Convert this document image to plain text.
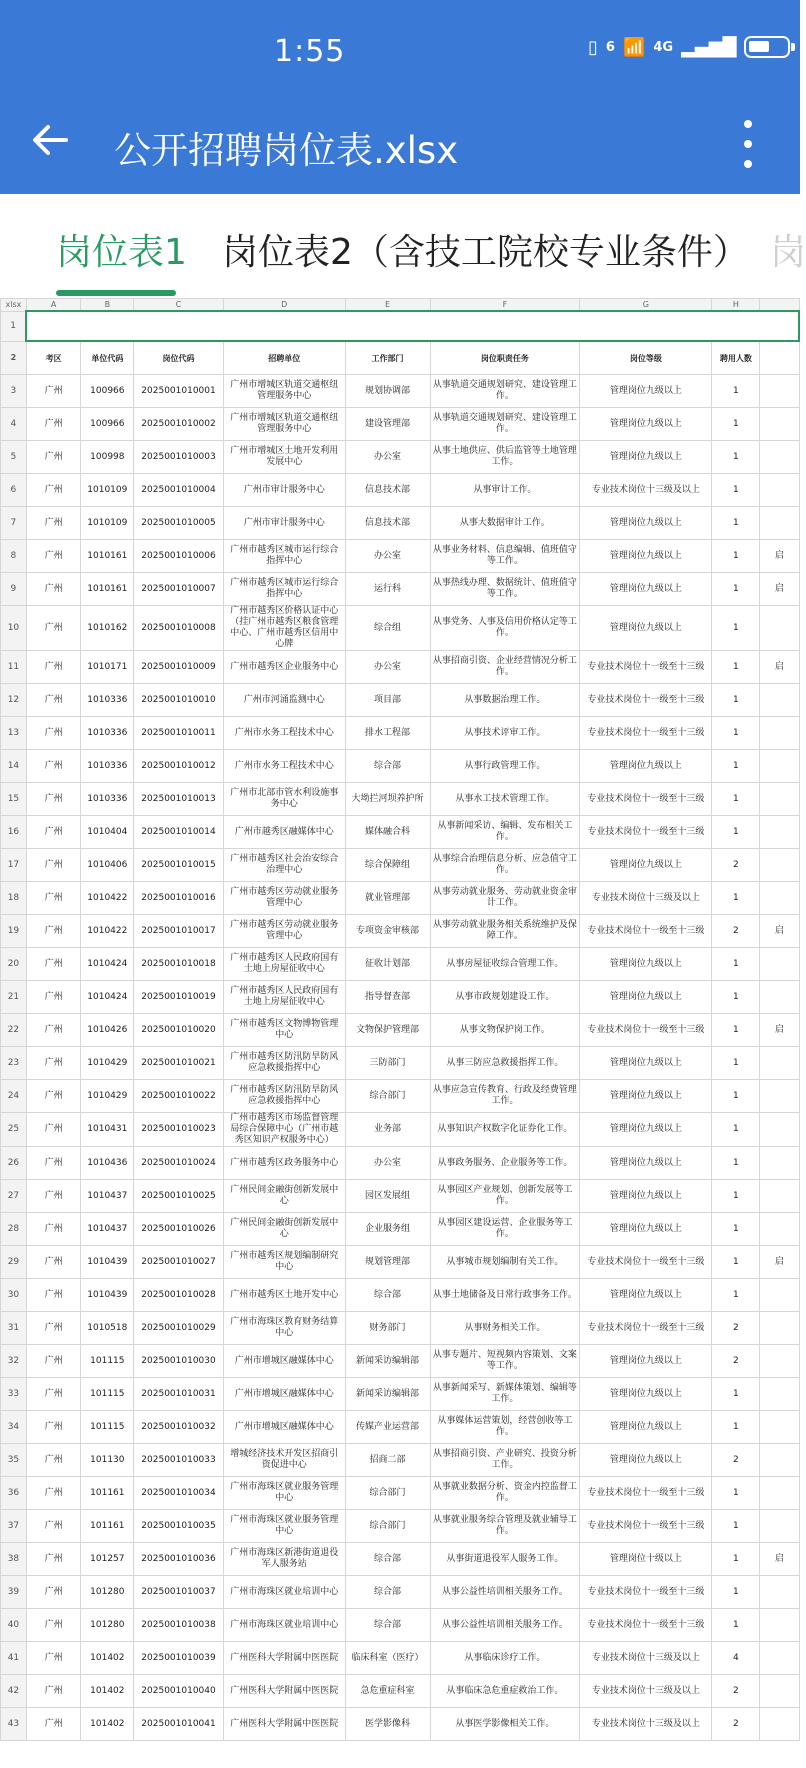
1:55	▯ 6 📶 4G ▂▄▆█
公开招聘岗位表.xlsx
岗位表1 岗位表2（含技工院校专业条件） 岗
xlsx	A	B	C	D	E	F	G	H	
1									
2	考区	单位代码	岗位代码	招聘单位	工作部门	岗位职责任务	岗位等级	聘用人数	
3	广州	100966	2025001010001	广州市增城区轨道交通枢纽管理服务中心	规划协调部	从事轨道交通规划研究、建设管理工作。	管理岗位九级以上	1	
4	广州	100966	2025001010002	广州市增城区轨道交通枢纽管理服务中心	建设管理部	从事轨道交通规划研究、建设管理工作。	管理岗位九级以上	1	
5	广州	100998	2025001010003	广州市增城区土地开发利用发展中心	办公室	从事土地供应、供后监管等土地管理工作。	管理岗位九级以上	1	
6	广州	1010109	2025001010004	广州市审计服务中心	信息技术部	从事审计工作。	专业技术岗位十三级及以上	1	
7	广州	1010109	2025001010005	广州市审计服务中心	信息技术部	从事大数据审计工作。	管理岗位九级以上	1	
8	广州	1010161	2025001010006	广州市越秀区城市运行综合指挥中心	办公室	从事业务材料、信息编辑、值班值守等工作。	管理岗位九级以上	1	启
9	广州	1010161	2025001010007	广州市越秀区城市运行综合指挥中心	运行科	从事热线办理、数据统计、值班值守等工作。	管理岗位九级以上	1	启
10	广州	1010162	2025001010008	广州市越秀区价格认证中心（挂广州市越秀区粮食管理中心、广州市越秀区信用中心牌	综合组	从事党务、人事及信用价格认定等工作。	管理岗位九级以上	1	
11	广州	1010171	2025001010009	广州市越秀区企业服务中心	办公室	从事招商引资、企业经营情况分析工作。	专业技术岗位十一级至十三级	1	启
12	广州	1010336	2025001010010	广州市河涌监测中心	项目部	从事数据治理工作。	专业技术岗位十一级至十三级	1	
13	广州	1010336	2025001010011	广州市水务工程技术中心	排水工程部	从事技术评审工作。	专业技术岗位十一级至十三级	1	
14	广州	1010336	2025001010012	广州市水务工程技术中心	综合部	从事行政管理工作。	管理岗位九级以上	1	
15	广州	1010336	2025001010013	广州市北部市管水利设施事务中心	大坳拦河坝养护所	从事水工技术管理工作。	专业技术岗位十一级至十三级	1	
16	广州	1010404	2025001010014	广州市越秀区融媒体中心	媒体融合科	从事新闻采访、编辑、发布相关工作。	专业技术岗位十一级至十三级	1	
17	广州	1010406	2025001010015	广州市越秀区社会治安综合治理中心	综合保障组	从事综合治理信息分析、应急值守工作。	管理岗位九级以上	2	
18	广州	1010422	2025001010016	广州市越秀区劳动就业服务管理中心	就业管理部	从事劳动就业服务、劳动就业资金审计工作。	专业技术岗位十三级及以上	1	
19	广州	1010422	2025001010017	广州市越秀区劳动就业服务管理中心	专项资金审核部	从事劳动就业服务相关系统维护及保障工作。	专业技术岗位十一级至十三级	2	启
20	广州	1010424	2025001010018	广州市越秀区人民政府国有土地上房屋征收中心	征收计划部	从事房屋征收综合管理工作。	管理岗位九级以上	1	
21	广州	1010424	2025001010019	广州市越秀区人民政府国有土地上房屋征收中心	指导督查部	从事市政规划建设工作。	管理岗位九级以上	1	
22	广州	1010426	2025001010020	广州市越秀区文物博物管理中心	文物保护管理部	从事文物保护岗工作。	专业技术岗位十一级至十三级	1	启
23	广州	1010429	2025001010021	广州市越秀区防汛防旱防风应急救援指挥中心	三防部门	从事三防应急救援指挥工作。	管理岗位九级以上	1	
24	广州	1010429	2025001010022	广州市越秀区防汛防旱防风应急救援指挥中心	综合部门	从事应急宣传教育、行政及经费管理工作。	管理岗位九级以上	1	
25	广州	1010431	2025001010023	广州市越秀区市场监督管理局综合保障中心（广州市越秀区知识产权服务中心）	业务部	从事知识产权数字化证券化工作。	管理岗位九级以上	1	
26	广州	1010436	2025001010024	广州市越秀区政务服务中心	办公室	从事政务服务、企业服务等工作。	管理岗位九级以上	1	
27	广州	1010437	2025001010025	广州民间金融街创新发展中心	园区发展组	从事园区产业规划、创新发展等工作。	管理岗位九级以上	1	
28	广州	1010437	2025001010026	广州民间金融街创新发展中心	企业服务组	从事园区建设运营、企业服务等工作。	管理岗位九级以上	1	
29	广州	1010439	2025001010027	广州市越秀区规划编制研究中心	规划管理部	从事城市规划编制有关工作。	专业技术岗位十一级至十三级	1	启
30	广州	1010439	2025001010028	广州市越秀区土地开发中心	综合部	从事土地储备及日常行政事务工作。	管理岗位九级以上	1	
31	广州	1010518	2025001010029	广州市海珠区教育财务结算中心	财务部门	从事财务相关工作。	专业技术岗位十一级至十三级	2	
32	广州	101115	2025001010030	广州市增城区融媒体中心	新闻采访编辑部	从事专题片、短视频内容策划、文案等工作。	管理岗位九级以上	2	
33	广州	101115	2025001010031	广州市增城区融媒体中心	新闻采访编辑部	从事新闻采写、新媒体策划、编辑等工作。	管理岗位九级以上	1	
34	广州	101115	2025001010032	广州市增城区融媒体中心	传媒产业运营部	从事媒体运营策划，经营创收等工作。	管理岗位九级以上	1	
35	广州	101130	2025001010033	增城经济技术开发区招商引资促进中心	招商二部	从事招商引资、产业研究、投资分析工作。	管理岗位九级以上	2	
36	广州	101161	2025001010034	广州市海珠区就业服务管理中心	综合部门	从事就业数据分析、资金内控监督工作。	专业技术岗位十一级至十三级	1	
37	广州	101161	2025001010035	广州市海珠区就业服务管理中心	综合部门	从事就业服务综合管理及就业辅导工作。	专业技术岗位十一级至十三级	1	
38	广州	101257	2025001010036	广州市海珠区新港街道退役军人服务站	综合部	从事街道退役军人服务工作。	管理岗位十级以上	1	启
39	广州	101280	2025001010037	广州市海珠区就业培训中心	综合部	从事公益性培训相关服务工作。	专业技术岗位十一级至十三级	1	
40	广州	101280	2025001010038	广州市海珠区就业培训中心	综合部	从事公益性培训相关服务工作。	专业技术岗位十一级至十三级	1	
41	广州	101402	2025001010039	广州医科大学附属中医医院	临床科室（医疗）	从事临床诊疗工作。	专业技术岗位十三级及以上	4	
42	广州	101402	2025001010040	广州医科大学附属中医医院	急危重症科室	从事临床急危重症救治工作。	专业技术岗位十三级及以上	2	
43	广州	101402	2025001010041	广州医科大学附属中医医院	医学影像科	从事医学影像相关工作。	专业技术岗位十三级及以上	2	
